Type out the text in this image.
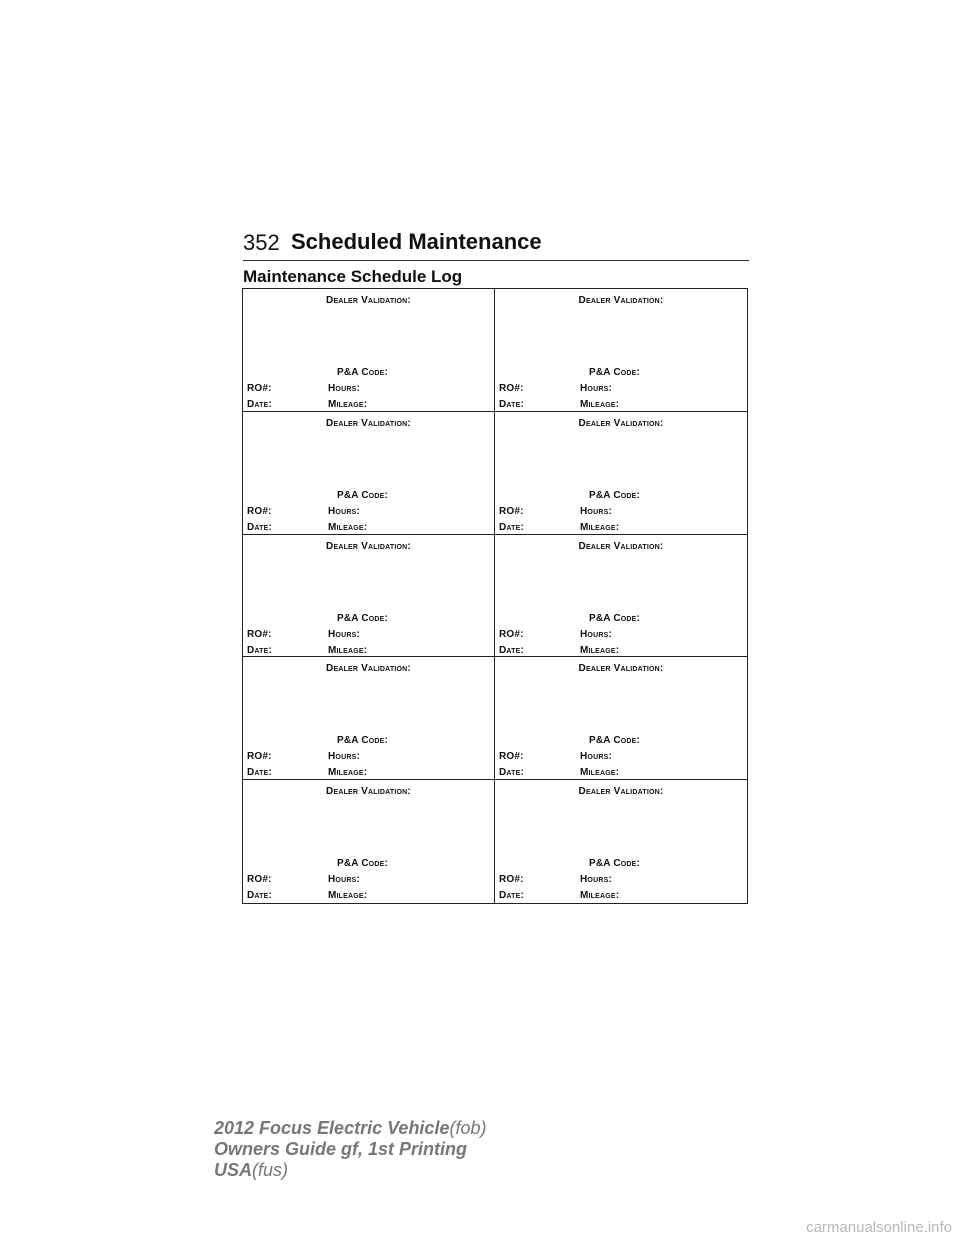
352 Scheduled Maintenance
Maintenance Schedule Log
Dealer Validation:
P&A Code:
RO#:	Hours:
Date:	Mileage:
Dealer Validation:
P&A Code:
RO#:	Hours:
Date:	Mileage:
Dealer Validation:
P&A Code:
RO#:	Hours:
Date:	Mileage:
Dealer Validation:
P&A Code:
RO#:	Hours:
Date:	Mileage:
Dealer Validation:
P&A Code:
RO#:	Hours:
Date:	Mileage:
Dealer Validation:
P&A Code:
RO#:	Hours:
Date:	Mileage:
Dealer Validation:
P&A Code:
RO#:	Hours:
Date:	Mileage:
Dealer Validation:
P&A Code:
RO#:	Hours:
Date:	Mileage:
Dealer Validation:
P&A Code:
RO#:	Hours:
Date:	Mileage:
Dealer Validation:
P&A Code:
RO#:	Hours:
Date:	Mileage:
2012 Focus Electric Vehicle(fob)
Owners Guide gf, 1st Printing
USA(fus)
carmanualsonline.info
